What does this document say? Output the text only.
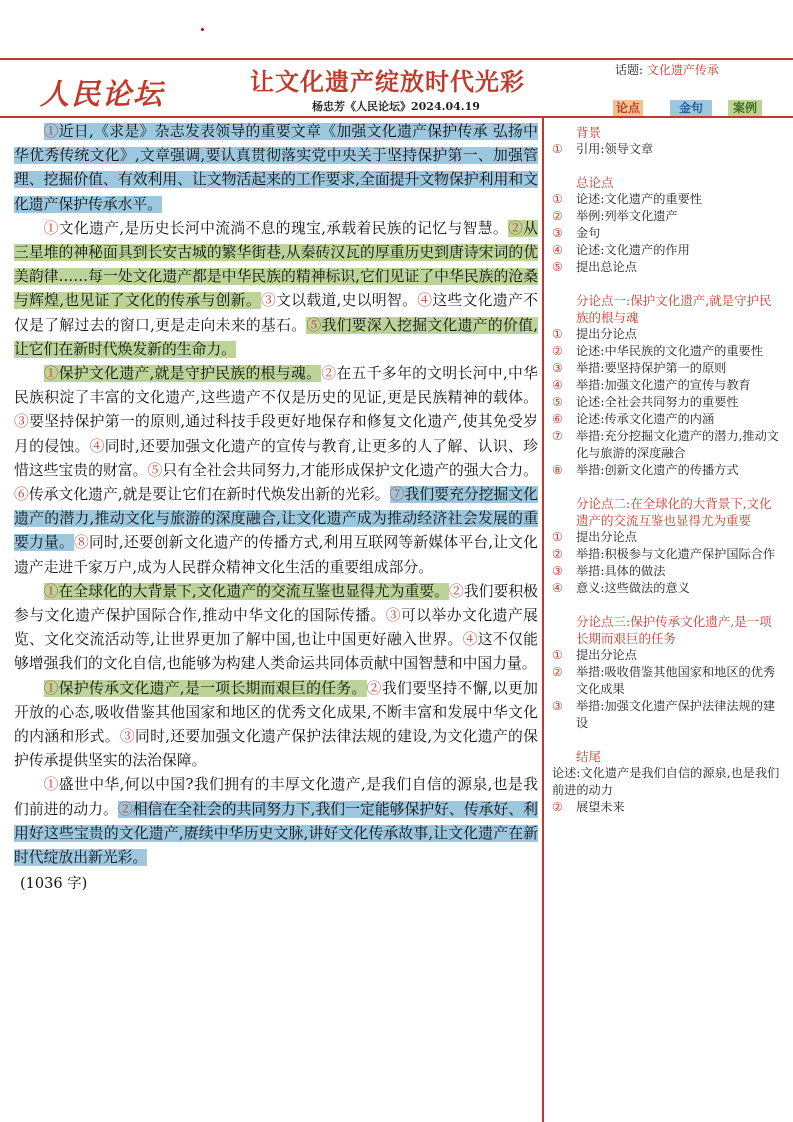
人民论坛	让文化遗产绽放时代光彩
杨忠芳《人民论坛》2024.04.19
话题: 文化遗产传承
论点	金句	案例

①近日,《求是》杂志发表领导的重要文章《加强文化遗产保护传承 弘扬中华优秀传统文化》,文章强调,要认真贯彻落实党中央关于坚持保护第一、加强管理、挖掘价值、有效利用、让文物活起来的工作要求,全面提升文物保护利用和文化遗产保护传承水平。

①文化遗产,是历史长河中流淌不息的瑰宝,承载着民族的记忆与智慧。②从三星堆的神秘面具到长安古城的繁华街巷,从秦砖汉瓦的厚重历史到唐诗宋词的优美韵律……每一处文化遗产都是中华民族的精神标识,它们见证了中华民族的沧桑与辉煌,也见证了文化的传承与创新。③文以载道,史以明智。④这些文化遗产不仅是了解过去的窗口,更是走向未来的基石。⑤我们要深入挖掘文化遗产的价值,让它们在新时代焕发新的生命力。

①保护文化遗产,就是守护民族的根与魂。②在五千多年的文明长河中,中华民族积淀了丰富的文化遗产,这些遗产不仅是历史的见证,更是民族精神的载体。③要坚持保护第一的原则,通过科技手段更好地保存和修复文化遗产,使其免受岁月的侵蚀。④同时,还要加强文化遗产的宣传与教育,让更多的人了解、认识、珍惜这些宝贵的财富。⑤只有全社会共同努力,才能形成保护文化遗产的强大合力。⑥传承文化遗产,就是要让它们在新时代焕发出新的光彩。⑦我们要充分挖掘文化遗产的潜力,推动文化与旅游的深度融合,让文化遗产成为推动经济社会发展的重要力量。⑧同时,还要创新文化遗产的传播方式,利用互联网等新媒体平台,让文化遗产走进千家万户,成为人民群众精神文化生活的重要组成部分。

①在全球化的大背景下,文化遗产的交流互鉴也显得尤为重要。②我们要积极参与文化遗产保护国际合作,推动中华文化的国际传播。③可以举办文化遗产展览、文化交流活动等,让世界更加了解中国,也让中国更好融入世界。④这不仅能够增强我们的文化自信,也能够为构建人类命运共同体贡献中国智慧和中国力量。

①保护传承文化遗产,是一项长期而艰巨的任务。②我们要坚持不懈,以更加开放的心态,吸收借鉴其他国家和地区的优秀文化成果,不断丰富和发展中华文化的内涵和形式。③同时,还要加强文化遗产保护法律法规的建设,为文化遗产的保护传承提供坚实的法治保障。

①盛世中华,何以中国?我们拥有的丰厚文化遗产,是我们自信的源泉,也是我们前进的动力。②相信在全社会的共同努力下,我们一定能够保护好、传承好、利用好这些宝贵的文化遗产,赓续中华历史文脉,讲好文化传承故事,让文化遗产在新时代绽放出新光彩。

(1036 字)

背景
①	引用:领导文章
总论点
①	论述:文化遗产的重要性
②	举例:列举文化遗产
③	金句
④	论述:文化遗产的作用
⑤	提出总论点
分论点一:保护文化遗产,就是守护民族的根与魂
①	提出分论点
②	论述:中华民族的文化遗产的重要性
③	举措:要坚持保护第一的原则
④	举措:加强文化遗产的宣传与教育
⑤	论述:全社会共同努力的重要性
⑥	论述:传承文化遗产的内涵
⑦	举措:充分挖掘文化遗产的潜力,推动文化与旅游的深度融合
⑧	举措:创新文化遗产的传播方式
分论点二:在全球化的大背景下,文化遗产的交流互鉴也显得尤为重要
①	提出分论点
②	举措:积极参与文化遗产保护国际合作
③	举措:具体的做法
④	意义:这些做法的意义
分论点三:保护传承文化遗产,是一项长期而艰巨的任务
①	提出分论点
②	举措:吸收借鉴其他国家和地区的优秀文化成果
③	举措:加强文化遗产保护法律法规的建设
结尾
论述:文化遗产是我们自信的源泉,也是我们前进的动力
②	展望未来
